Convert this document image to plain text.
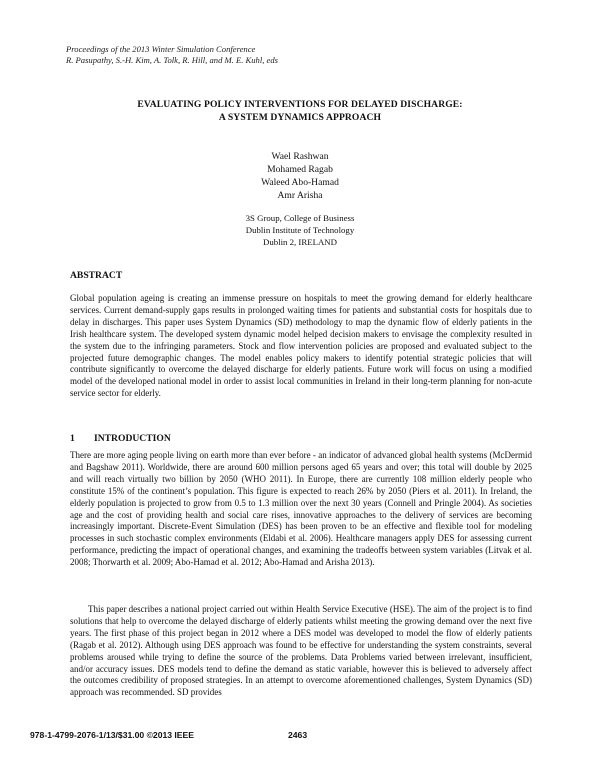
Proceedings of the 2013 Winter Simulation Conference
R. Pasupathy, S.-H. Kim, A. Tolk, R. Hill, and M. E. Kuhl, eds
EVALUATING POLICY INTERVENTIONS FOR DELAYED DISCHARGE:
A SYSTEM DYNAMICS APPROACH
Wael Rashwan
Mohamed Ragab
Waleed Abo-Hamad
Amr Arisha
3S Group, College of Business
Dublin Institute of Technology
Dublin 2, IRELAND
ABSTRACT
Global population ageing is creating an immense pressure on hospitals to meet the growing demand for elderly healthcare services. Current demand-supply gaps results in prolonged waiting times for patients and substantial costs for hospitals due to delay in discharges. This paper uses System Dynamics (SD) methodology to map the dynamic flow of elderly patients in the Irish healthcare system. The developed system dynamic model helped decision makers to envisage the complexity resulted in the system due to the infringing parameters. Stock and flow intervention policies are proposed and evaluated subject to the projected future demographic changes. The model enables policy makers to identify potential strategic policies that will contribute significantly to overcome the delayed discharge for elderly patients. Future work will focus on using a modified model of the developed national model in order to assist local communities in Ireland in their long-term planning for non-acute service sector for elderly.
1 INTRODUCTION
There are more aging people living on earth more than ever before - an indicator of advanced global health systems (McDermid and Bagshaw 2011). Worldwide, there are around 600 million persons aged 65 years and over; this total will double by 2025 and will reach virtually two billion by 2050 (WHO 2011). In Europe, there are currently 108 million elderly people who constitute 15% of the continent’s population. This figure is expected to reach 26% by 2050 (Piers et al. 2011). In Ireland, the elderly population is projected to grow from 0.5 to 1.3 million over the next 30 years (Connell and Pringle 2004). As societies age and the cost of providing health and social care rises, innovative approaches to the delivery of services are becoming increasingly important. Discrete-Event Simulation (DES) has been proven to be an effective and flexible tool for modeling processes in such stochastic complex environments (Eldabi et al. 2006). Healthcare managers apply DES for assessing current performance, predicting the impact of operational changes, and examining the tradeoffs between system variables (Litvak et al. 2008; Thorwarth et al. 2009; Abo-Hamad et al. 2012; Abo-Hamad and Arisha 2013).
This paper describes a national project carried out within Health Service Executive (HSE). The aim of the project is to find solutions that help to overcome the delayed discharge of elderly patients whilst meeting the growing demand over the next five years. The first phase of this project began in 2012 where a DES model was developed to model the flow of elderly patients (Ragab et al. 2012). Although using DES approach was found to be effective for understanding the system constraints, several problems aroused while trying to define the source of the problems. Data Problems varied between irrelevant, insufficient, and/or accuracy issues. DES models tend to define the demand as static variable, however this is believed to adversely affect the outcomes credibility of proposed strategies. In an attempt to overcome aforementioned challenges, System Dynamics (SD) approach was recommended. SD provides
978-1-4799-2076-1/13/$31.00 ©2013 IEEE	2463
